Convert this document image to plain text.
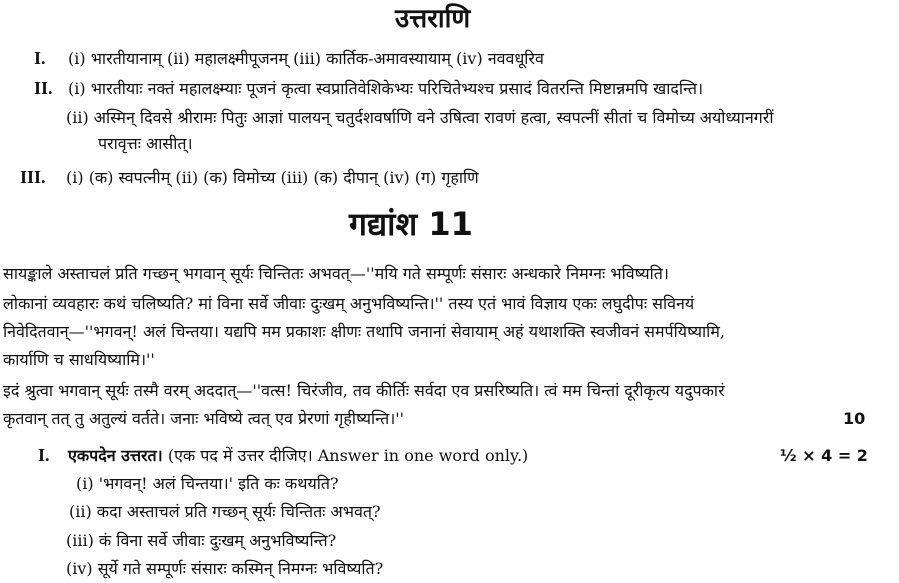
उत्तराणि
I. (i) भारतीयानाम् (ii) महालक्ष्मीपूजनम् (iii) कार्तिक-अमावस्यायाम् (iv) नववधूरिव
II. (i) भारतीयाः नक्तं महालक्ष्म्याः पूजनं कृत्वा स्वप्रातिवेशिकेभ्यः परिचितेभ्यश्च प्रसादं वितरन्ति मिष्टान्नमपि खादन्ति।
(ii) अस्मिन् दिवसे श्रीरामः पितुः आज्ञां पालयन् चतुर्दशवर्षाणि वने उषित्वा रावणं हत्वा, स्वपत्नीं सीतां च विमोच्य अयोध्यानगरीं
परावृत्तः आसीत्।
III. (i) (क) स्वपत्नीम् (ii) (क) विमोच्य (iii) (क) दीपान् (iv) (ग) गृहाणि
गद्यांश 11
सायङ्काले अस्ताचलं प्रति गच्छन् भगवान् सूर्यः चिन्तितः अभवत्—''मयि गते सम्पूर्णः संसारः अन्धकारे निमग्नः भविष्यति।
लोकानां व्यवहारः कथं चलिष्यति? मां विना सर्वे जीवाः दुःखम् अनुभविष्यन्ति।'' तस्य एतं भावं विज्ञाय एकः लघुदीपः सविनयं
निवेदितवान्—''भगवन्! अलं चिन्तया। यद्यपि मम प्रकाशः क्षीणः तथापि जनानां सेवायाम् अहं यथाशक्ति स्वजीवनं समर्पयिष्यामि,
कार्याणि च साधयिष्यामि।''
इदं श्रुत्वा भगवान् सूर्यः तस्मै वरम् अददात्—''वत्स! चिरंजीव, तव कीर्तिः सर्वदा एव प्रसरिष्यति। त्वं मम चिन्तां दूरीकृत्य यदुपकारं
कृतवान् तत् तु अतुल्यं वर्तते। जनाः भविष्ये त्वत् एव प्रेरणां गृहीष्यन्ति।''	10
I. एकपदेन उत्तरत। (एक पद में उत्तर दीजिए। Answer in one word only.)	½ × 4 = 2
(i) 'भगवन्! अलं चिन्तया।' इति कः कथयति?
(ii) कदा अस्ताचलं प्रति गच्छन् सूर्यः चिन्तितः अभवत्?
(iii) कं विना सर्वे जीवाः दुःखम् अनुभविष्यन्ति?
(iv) सूर्ये गते सम्पूर्णः संसारः कस्मिन् निमग्नः भविष्यति?
